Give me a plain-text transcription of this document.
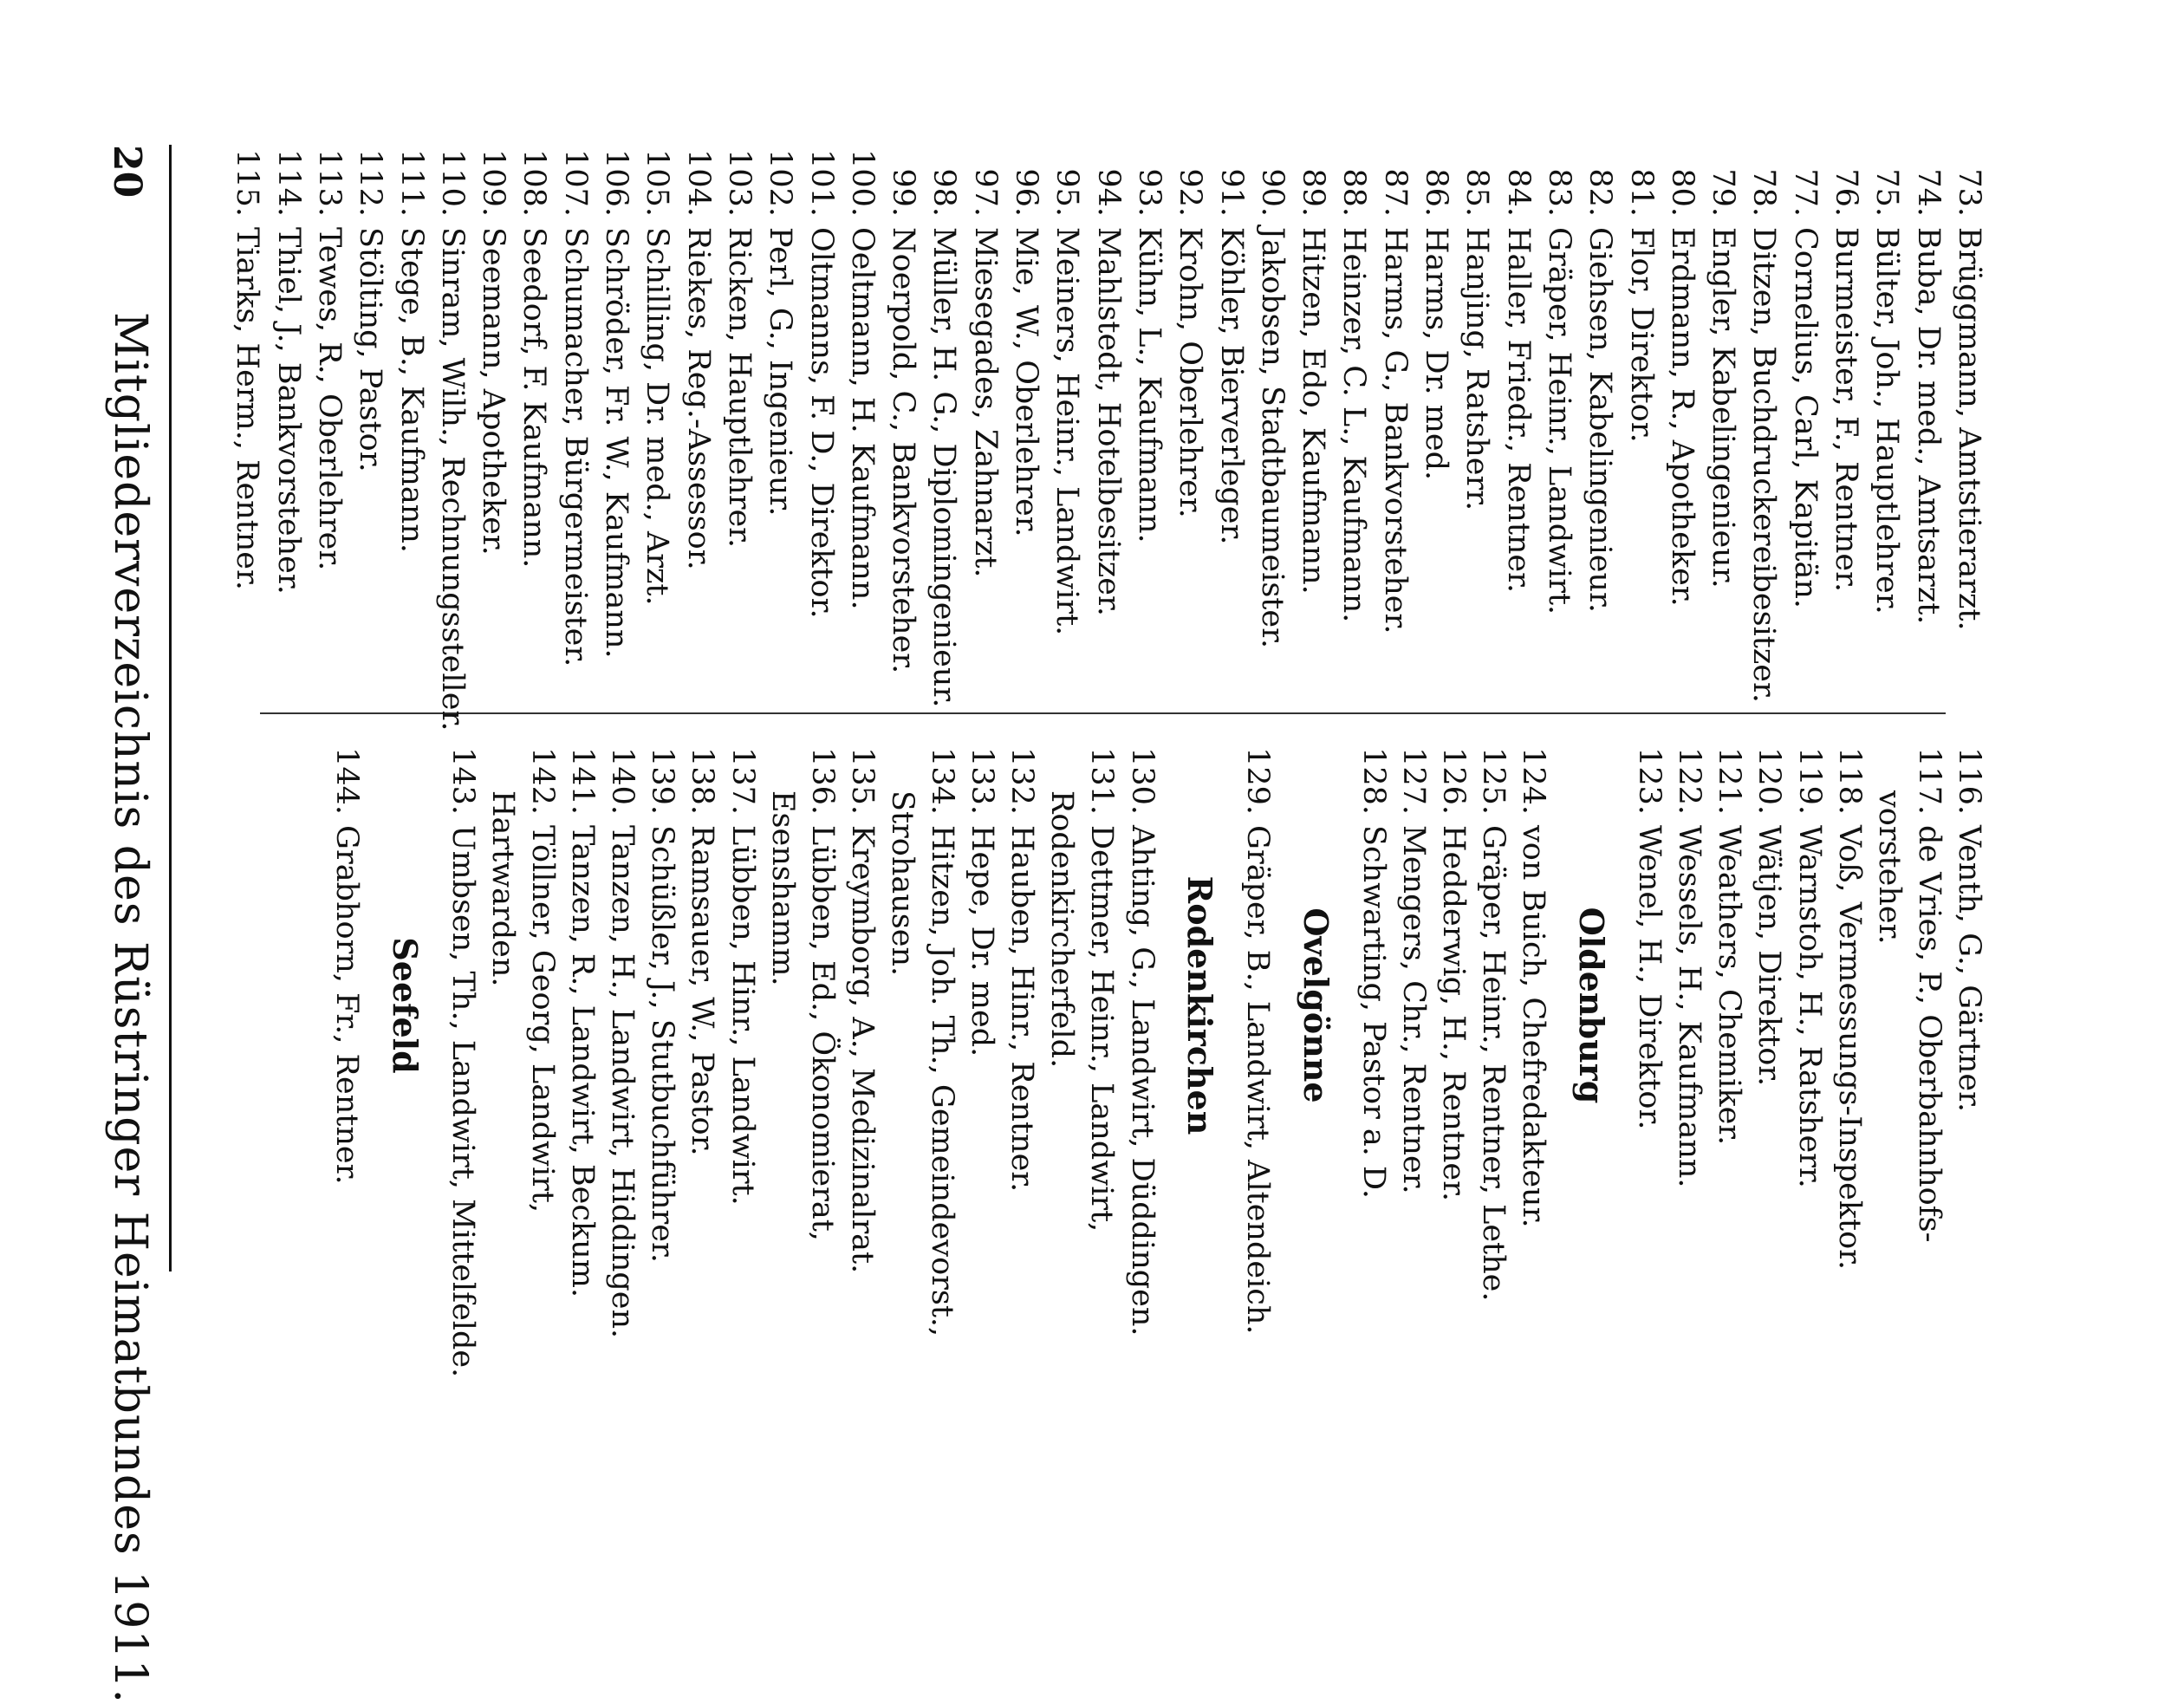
20
Mitgliederverzeichnis des Rüstringer Heimatbundes 1911.
73.Brüggmann, Amtstierarzt.
74.Buba, Dr. med., Amtsarzt.
75.Bülter, Joh., Hauptlehrer.
76.Burmeister, F., Rentner.
77.Cornelius, Carl, Kapitän.
78.Ditzen, Buchdruckereibesitzer.
79.Engler, Kabelingenieur.
80.Erdmann, R., Apotheker.
81.Flor, Direktor.
82.Giehsen, Kabelingenieur.
83.Gräper, Heinr., Landwirt.
84.Haller, Friedr., Rentner.
85.Hanjing, Ratsherr.
86.Harms, Dr. med.
87.Harms, G., Bankvorsteher.
88.Heinzer, C. L., Kaufmann.
89.Hitzen, Edo, Kaufmann.
90.Jakobsen, Stadtbaumeister.
91.Köhler, Bierverleger.
92.Krohn, Oberlehrer.
93.Kühn, L., Kaufmann.
94.Mahlstedt, Hotelbesitzer.
95.Meiners, Heinr., Landwirt.
96.Mie, W., Oberlehrer.
97.Miesegades, Zahnarzt.
98.Müller, H. G., Diplomingenieur.
99.Noerpold, C., Bankvorsteher.
100.Oeltmann, H. Kaufmann.
101.Oltmanns, F. D., Direktor.
102.Perl, G., Ingenieur.
103.Ricken, Hauptlehrer.
104.Riekes, Reg.-Assessor.
105.Schilling, Dr. med., Arzt.
106.Schröder, Fr. W., Kaufmann.
107.Schumacher, Bürgermeister.
108.Seedorf, F. Kaufmann.
109.Seemann, Apotheker.
110.Sinram, Wilh., Rechnungssteller.
111.Stege, B., Kaufmann.
112.Stölting, Pastor.
113.Tewes, R., Oberlehrer.
114.Thiel, J., Bankvorsteher.
115.Tiarks, Herm., Rentner.
116.Venth, G., Gärtner.
117.de Vries, P., Oberbahnhofs-
vorsteher.
118.Voß, Vermessungs-Inspektor.
119.Warnstoh, H., Ratsherr.
120.Wätjen, Direktor.
121.Weathers, Chemiker.
122.Wessels, H., Kaufmann.
123.Wenel, H., Direktor.
Oldenburg
124.von Buich, Chefredakteur.
125.Gräper, Heinr., Rentner, Lethe.
126.Hedderwig, H., Rentner.
127.Mengers, Chr., Rentner.
128.Schwarting, Pastor a. D.
Ovelgönne
129.Gräper, B., Landwirt, Altendeich.
Rodenkirchen
130.Ahting, G., Landwirt, Düddingen.
131.Dettmer, Heinr., Landwirt,
Rodenkircherfeld.
132.Hauben, Hinr., Rentner.
133.Hepe, Dr. med.
134.Hitzen, Joh. Th., Gemeindevorst.,
Strohausen.
135.Kreymborg, A., Medizinalrat.
136.Lübben, Ed., Ökonomierat,
Esenshamm.
137.Lübben, Hinr., Landwirt.
138.Ramsauer, W., Pastor.
139.Schüßler, J., Stutbuchführer.
140.Tanzen, H., Landwirt, Hiddingen.
141.Tanzen, R., Landwirt, Beckum.
142.Töllner, Georg, Landwirt,
Hartwarden.
143.Umbsen, Th., Landwirt, Mittelfelde.
Seefeld
144.Grabhorn, Fr., Rentner.
